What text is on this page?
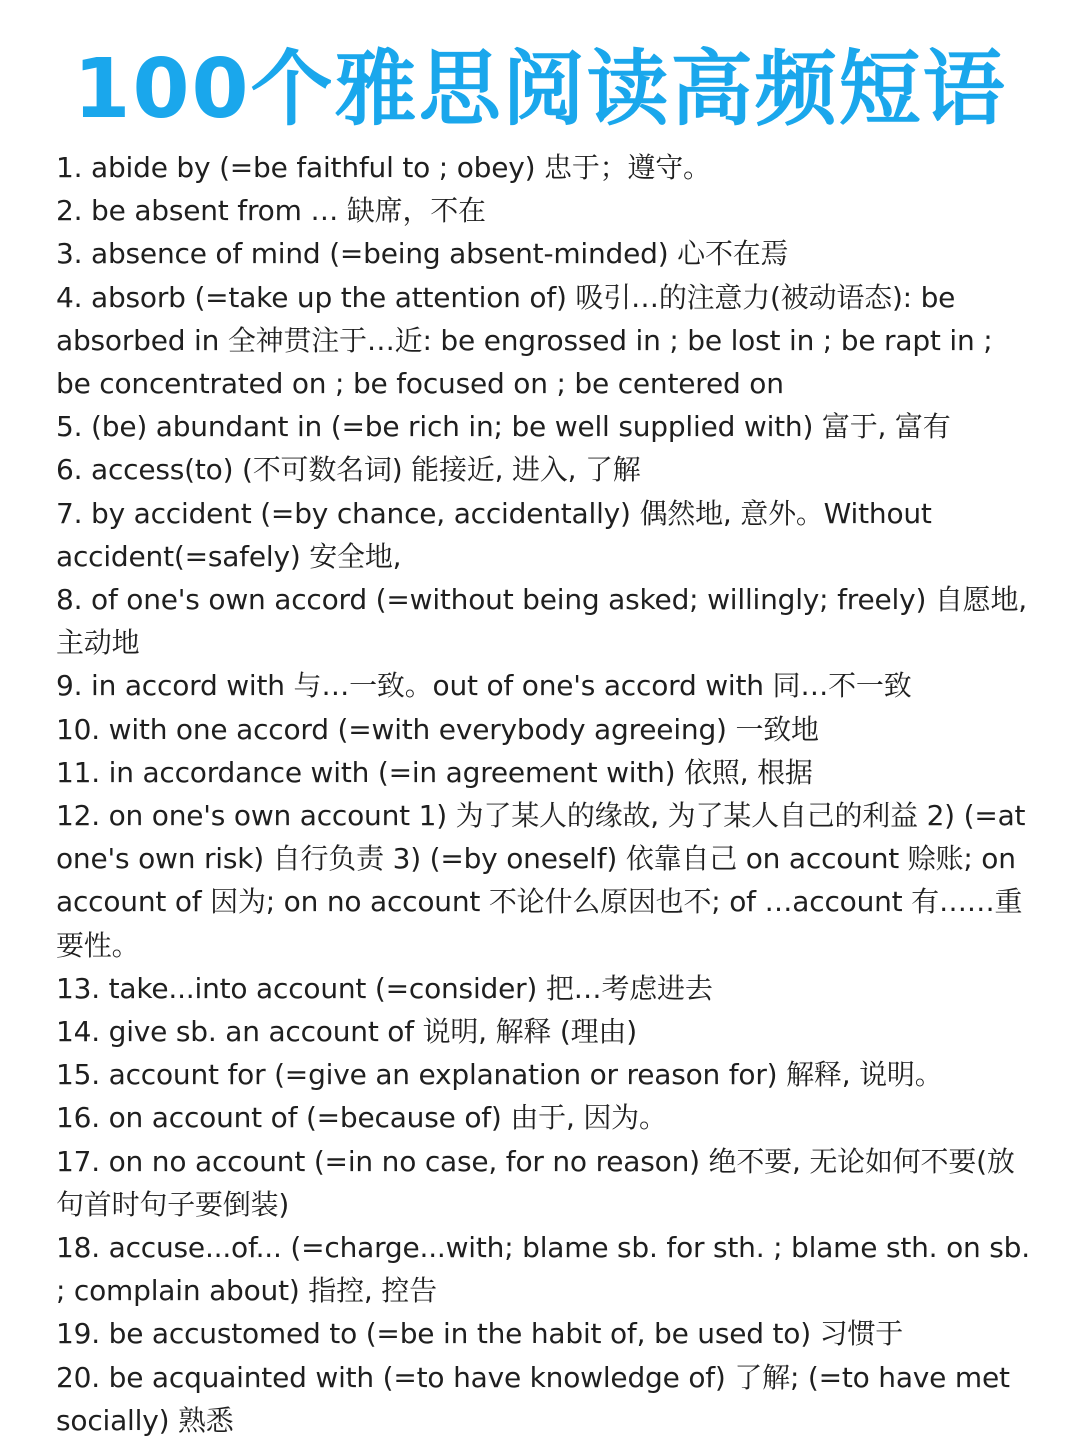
100个雅思阅读高频短语
1. abide by (=be faithful to ; obey) 忠于；遵守。
2. be absent from … 缺席，不在
3. absence of mind (=being absent-minded) 心不在焉
4. absorb (=take up the attention of) 吸引…的注意力(被动语态): be absorbed in 全神贯注于…近: be engrossed in ; be lost in ; be rapt in ; be concentrated on ; be focused on ; be centered on
5. (be) abundant in (=be rich in; be well supplied with) 富于, 富有
6. access(to) (不可数名词) 能接近, 进入, 了解
7. by accident (=by chance, accidentally) 偶然地, 意外。Without accident(=safely) 安全地,
8. of one's own accord (=without being asked; willingly; freely) 自愿地, 主动地
9. in accord with 与…一致。out of one's accord with 同…不一致
10. with one accord (=with everybody agreeing) 一致地
11. in accordance with (=in agreement with) 依照, 根据
12. on one's own account 1) 为了某人的缘故, 为了某人自己的利益 2) (=at one's own risk) 自行负责 3) (=by oneself) 依靠自己 on account 赊账; on account of 因为; on no account 不论什么原因也不; of …account 有……重要性。
13. take...into account (=consider) 把…考虑进去
14. give sb. an account of 说明, 解释 (理由)
15. account for (=give an explanation or reason for) 解释, 说明。
16. on account of (=because of) 由于, 因为。
17. on no account (=in no case, for no reason) 绝不要, 无论如何不要(放句首时句子要倒装)
18. accuse...of... (=charge...with; blame sb. for sth. ; blame sth. on sb. ; complain about) 指控, 控告
19. be accustomed to (=be in the habit of, be used to) 习惯于
20. be acquainted with (=to have knowledge of) 了解; (=to have met socially) 熟悉
